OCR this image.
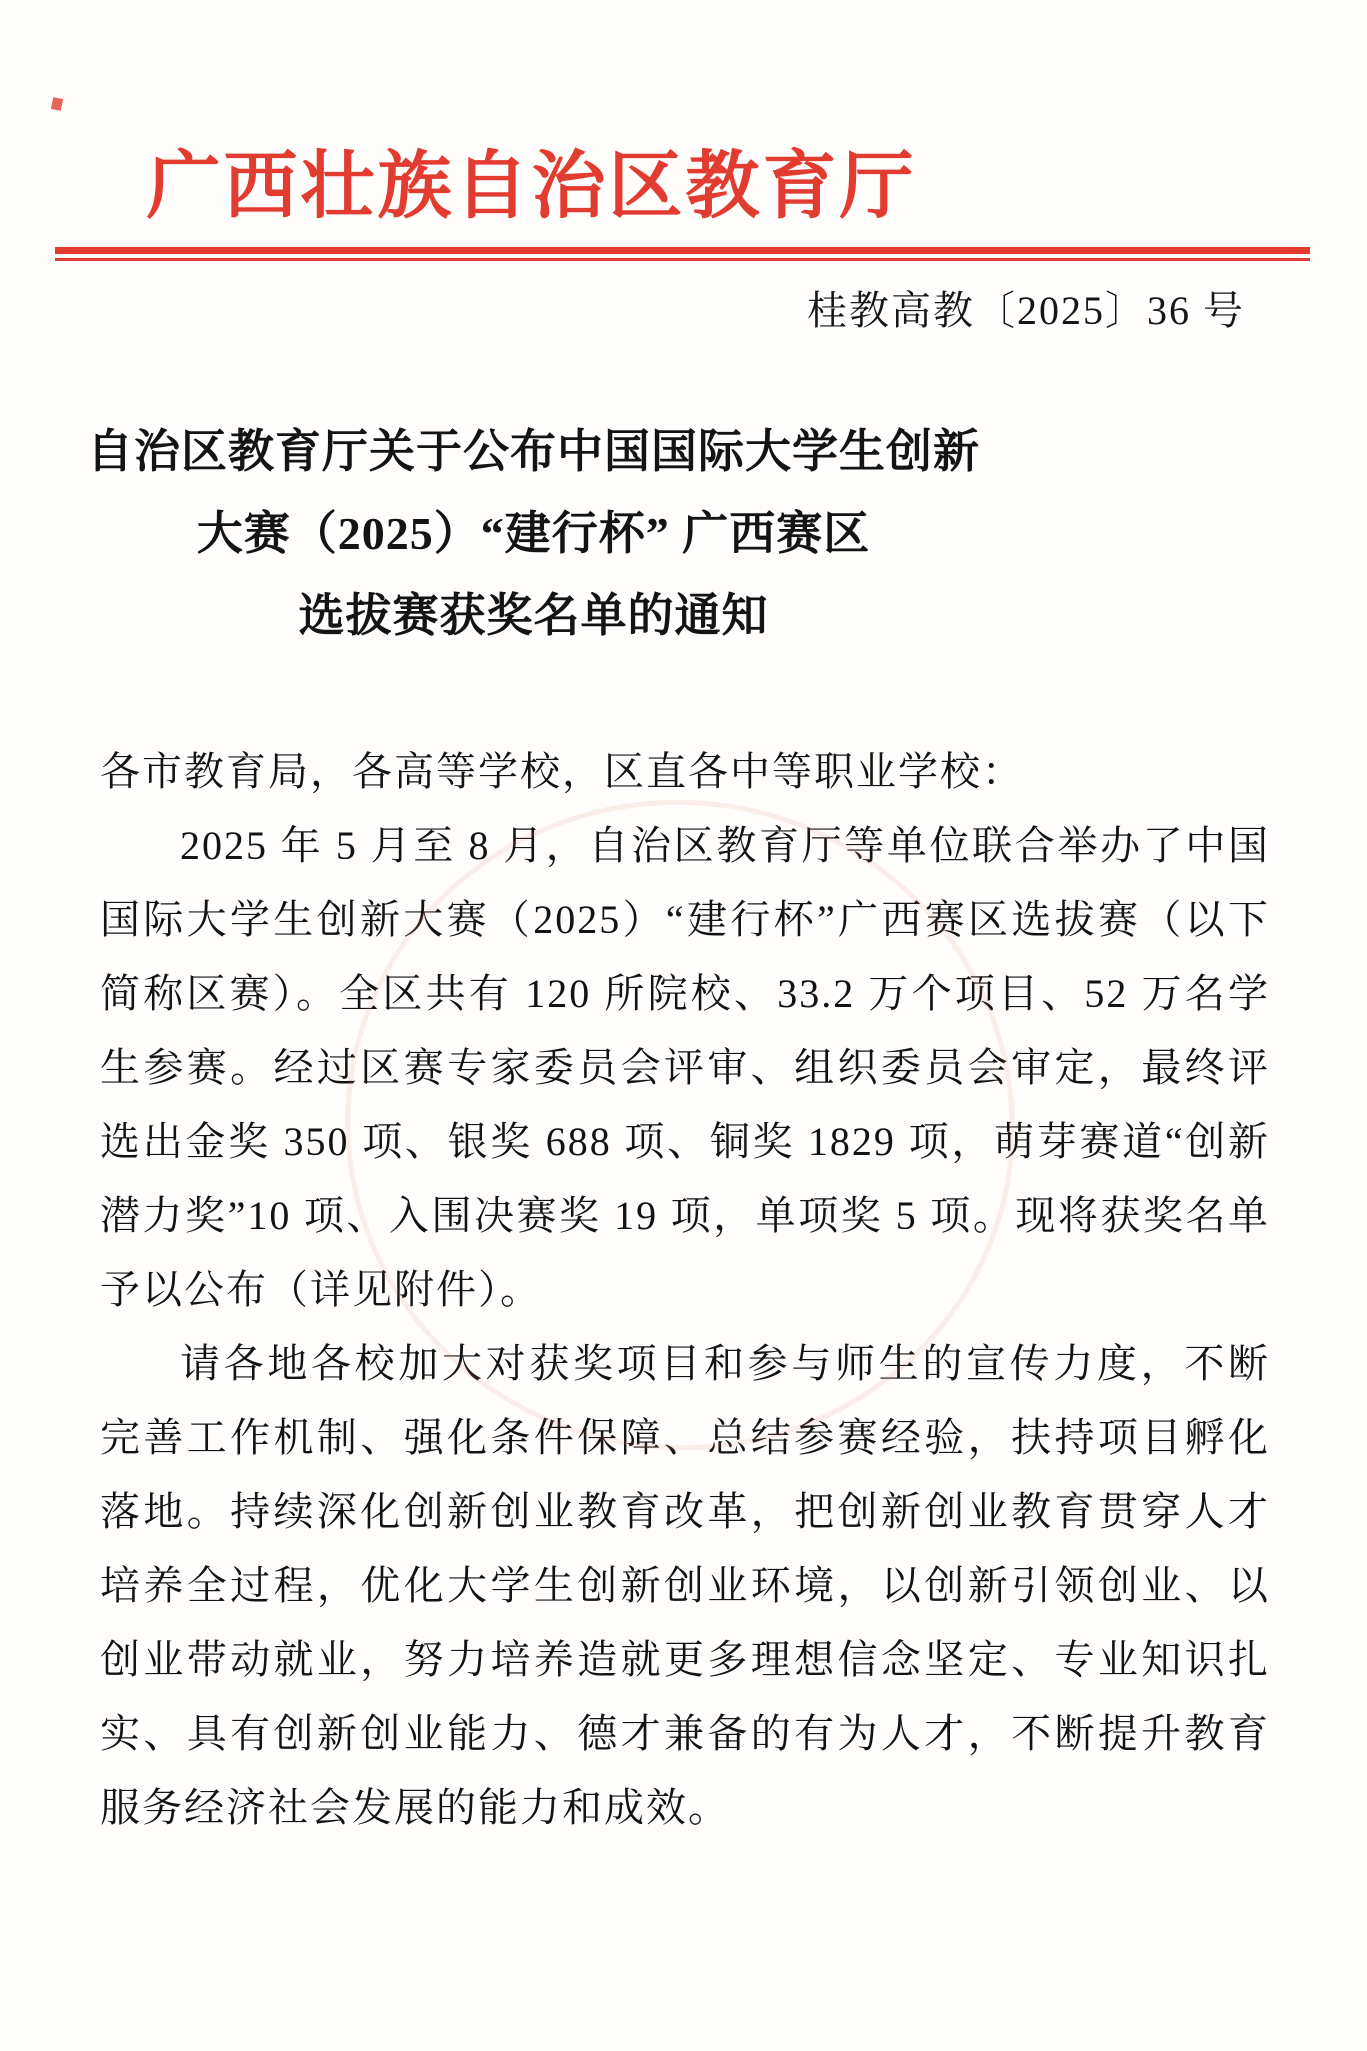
广西壮族自治区教育厅
桂教高教〔2025〕36 号
自治区教育厅关于公布中国国际大学生创新
大赛（2025）“建行杯” 广西赛区
选拔赛获奖名单的通知
各市教育局，各高等学校，区直各中等职业学校：

2025 年 5 月至 8 月，自治区教育厅等单位联合举办了中国国际大学生创新大赛（2025）“建行杯”广西赛区选拔赛（以下简称区赛）。全区共有 120 所院校、33.2 万个项目、52 万名学生参赛。经过区赛专家委员会评审、组织委员会审定，最终评选出金奖 350 项、银奖 688 项、铜奖 1829 项，萌芽赛道“创新潜力奖”10 项、入围决赛奖 19 项，单项奖 5 项。现将获奖名单予以公布（详见附件）。

请各地各校加大对获奖项目和参与师生的宣传力度，不断完善工作机制、强化条件保障、总结参赛经验，扶持项目孵化落地。持续深化创新创业教育改革，把创新创业教育贯穿人才培养全过程，优化大学生创新创业环境，以创新引领创业、以创业带动就业，努力培养造就更多理想信念坚定、专业知识扎实、具有创新创业能力、德才兼备的有为人才，不断提升教育服务经济社会发展的能力和成效。
